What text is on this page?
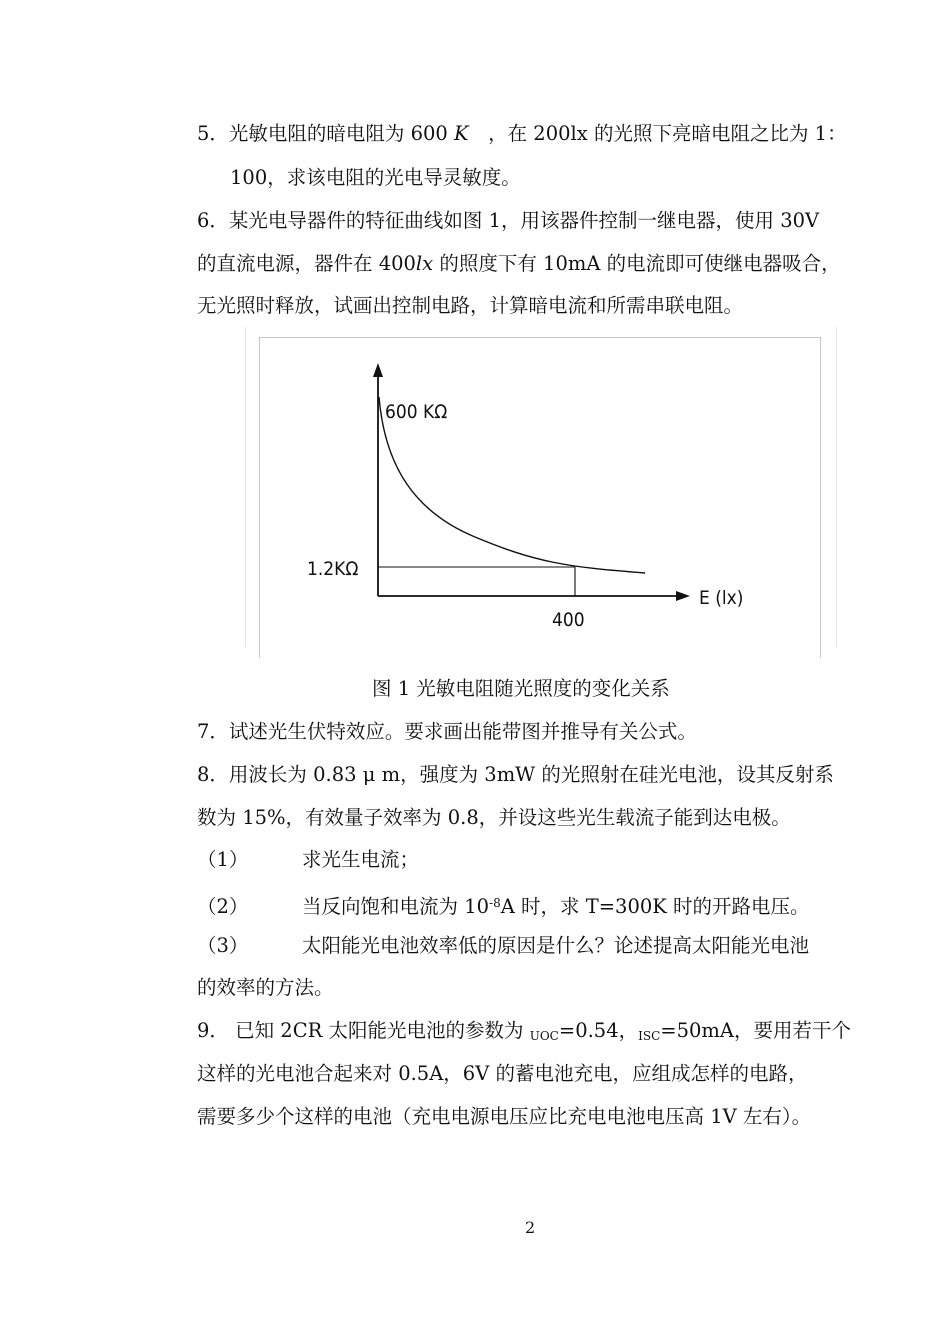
5．光敏电阻的暗电阻为 600 K　，在 200lx 的光照下亮暗电阻之比为 1：
100，求该电阻的光电导灵敏度。
6．某光电导器件的特征曲线如图 1，用该器件控制一继电器，使用 30V
的直流电源，器件在 400lx 的照度下有 10mA 的电流即可使继电器吸合，
无光照时释放，试画出控制电路，计算暗电流和所需串联电阻。
600 KΩ
1.2KΩ
E (lx)
400
图 1 光敏电阻随光照度的变化关系
7．试述光生伏特效应。要求画出能带图并推导有关公式。
8．用波长为 0.83 μ m，强度为 3mW 的光照射在硅光电池，设其反射系
数为 15%，有效量子效率为 0.8，并设这些光生载流子能到达电极。
（1）	求光生电流；
（2）	当反向饱和电流为 $10^{-8}A$ 时，求 T=300K 时的开路电压。
（3）	太阳能光电池效率低的原因是什么？论述提高太阳能光电池
的效率的方法。
9． 已知 2CR 太阳能光电池的参数为 $_{UOC}$=0.54，$_{ISC}$=50mA，要用若干个
这样的光电池合起来对 0.5A，6V 的蓄电池充电，应组成怎样的电路，
需要多少个这样的电池（充电电源电压应比充电电池电压高 1V 左右）。
2
